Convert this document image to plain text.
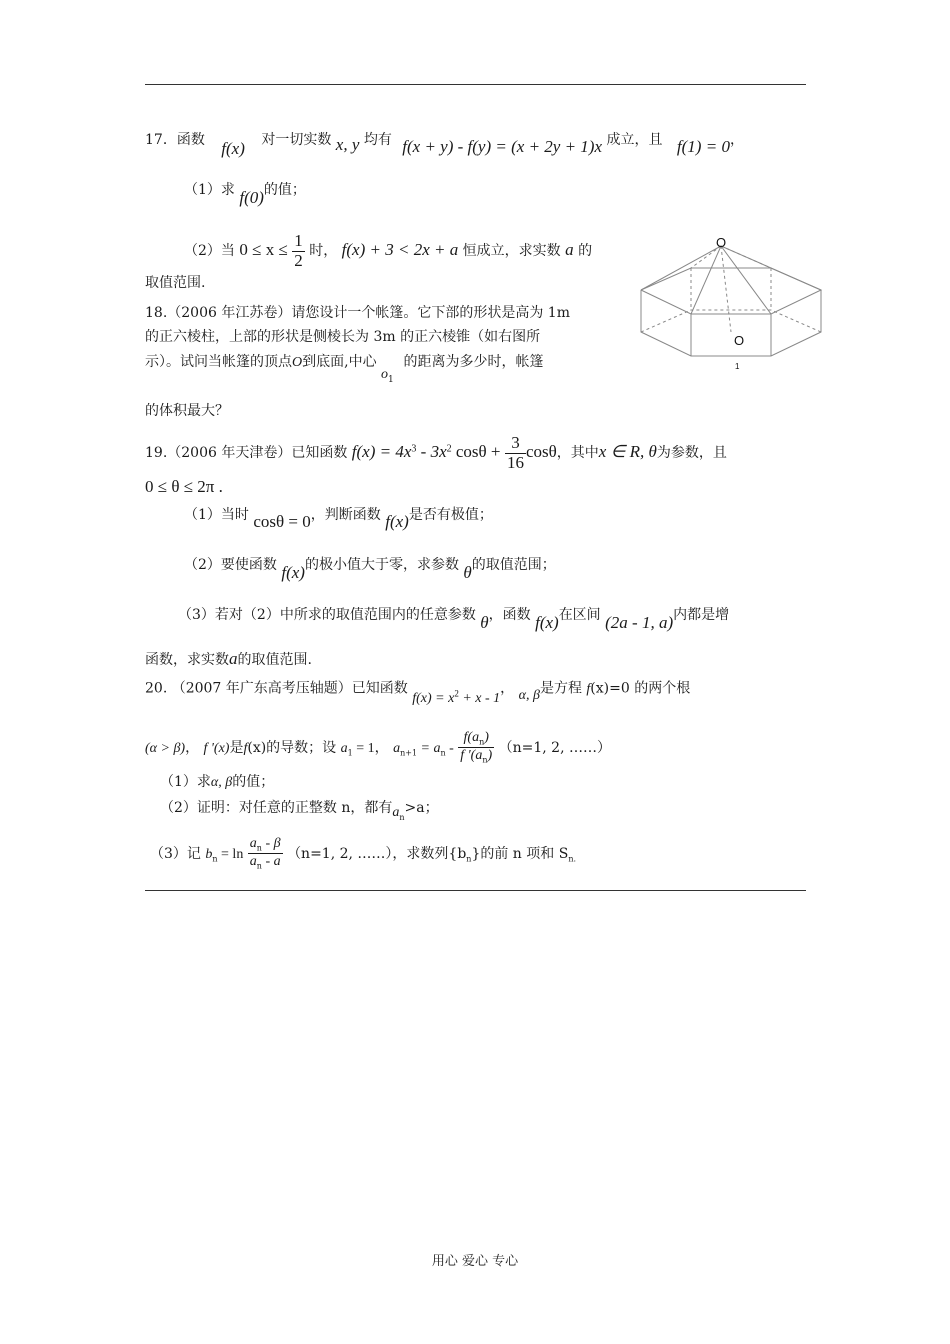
17．函数 f(x) 对一切实数 x, y 均有 f(x + y) - f(y) = (x + 2y + 1)x 成立，且 f(1) = 0，
（1）求 f(0)的值；
（2）当 $0 \le x \le \frac{1}{2}$ 时， f(x) + 3 < 2x + a 恒成立，求实数 a 的
取值范围.
18.（2006 年江苏卷）请您设计一个帐篷。它下部的形状是高为 1m
的正六棱柱，上部的形状是侧棱长为 3m 的正六棱锥（如右图所
示）。试问当帐篷的顶点O到底面,中心 $o_1$ 的距离为多少时，帐篷
的体积最大？
O
O
1
19.（2006 年天津卷）已知函数 $f(x) = 4x^3 - 3x^2$ $\cos\theta + \frac{3}{16}$ cosθ，其中x ∈ R, θ为参数，且
0 ≤ θ ≤ 2π .
（1）当时 cosθ = 0，判断函数 f(x)是否有极值；
（2）要使函数 f(x)的极小值大于零，求参数 θ的取值范围；
（3）若对（2）中所求的取值范围内的任意参数 θ，函数 f(x)在区间 (2a - 1, a)内都是增
函数，求实数a的取值范围.
20. （2007 年广东高考压轴题）已知函数 $f(x) = x^2 + x - 1$， α, β是方程 f(x)=0 的两个根
(α > β)， f '(x)是f(x)的导数；设 $a_1 = 1$， $a_{n+1} = a_n - \frac{f(a_n)}{f '(a_n)} (n=1$, 2, ……）
（1）求α, β的值；
（2）证明：对任意的正整数 n，都有$a_n>a$；
（3）记 $b_n = \ln \frac{a_n - \beta}{a_n - a} (n=1$, 2, ……），求数列$\{b_n\}$的前 n 项和 $S_{n.}$
用心 爱心 专心
